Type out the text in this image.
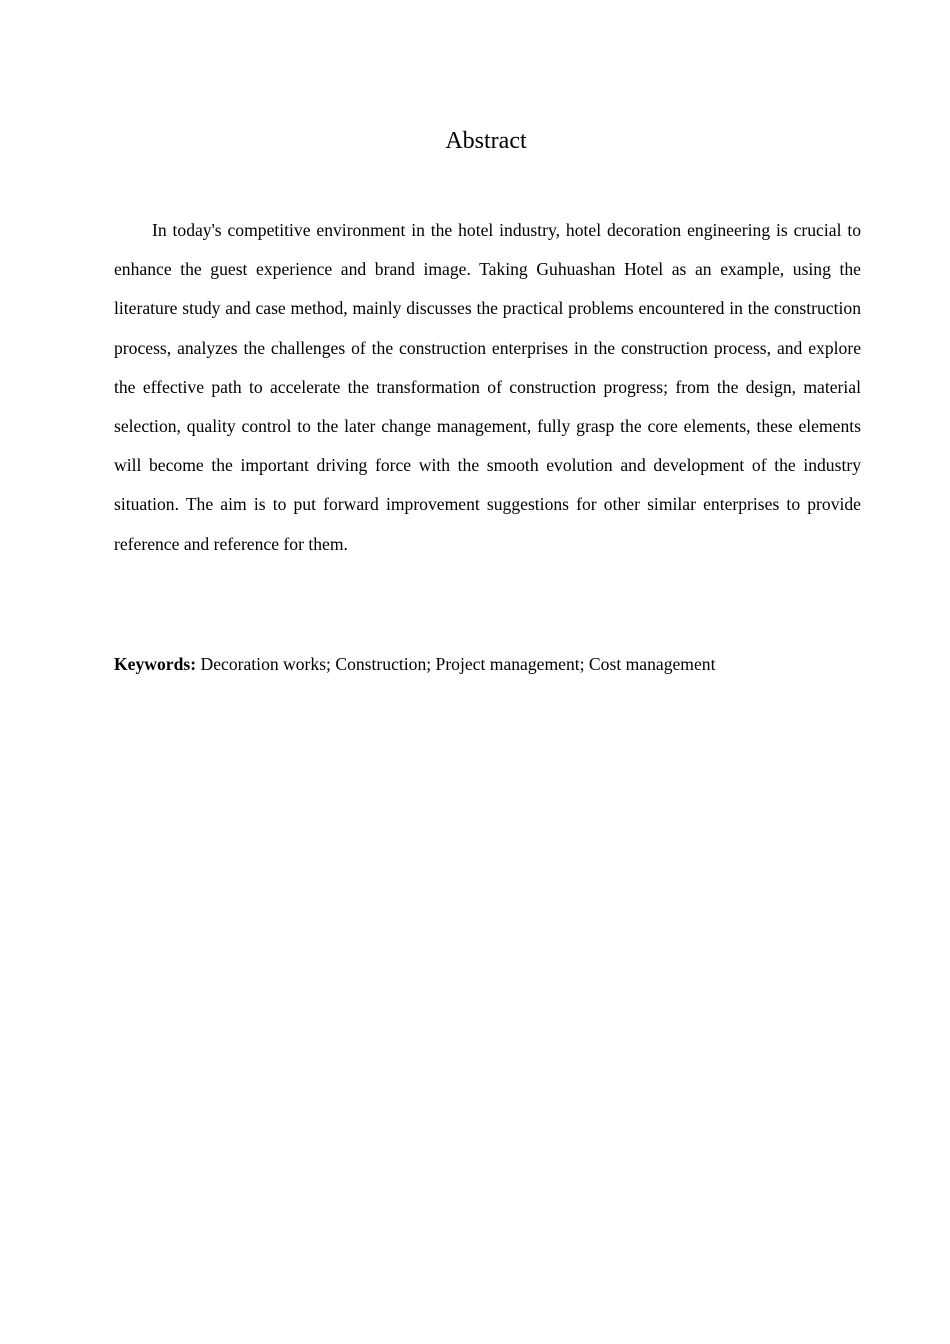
Abstract

In today's competitive environment in the hotel industry, hotel decoration engineering is crucial to enhance the guest experience and brand image. Taking Guhuashan Hotel as an example, using the literature study and case method, mainly discusses the practical problems encountered in the construction process, analyzes the challenges of the construction enterprises in the construction process, and explore the effective path to accelerate the transformation of construction progress; from the design, material selection, quality control to the later change management, fully grasp the core elements, these elements will become the important driving force with the smooth evolution and development of the industry situation. The aim is to put forward improvement suggestions for other similar enterprises to provide reference and reference for them.

Keywords: Decoration works; Construction; Project management; Cost management
